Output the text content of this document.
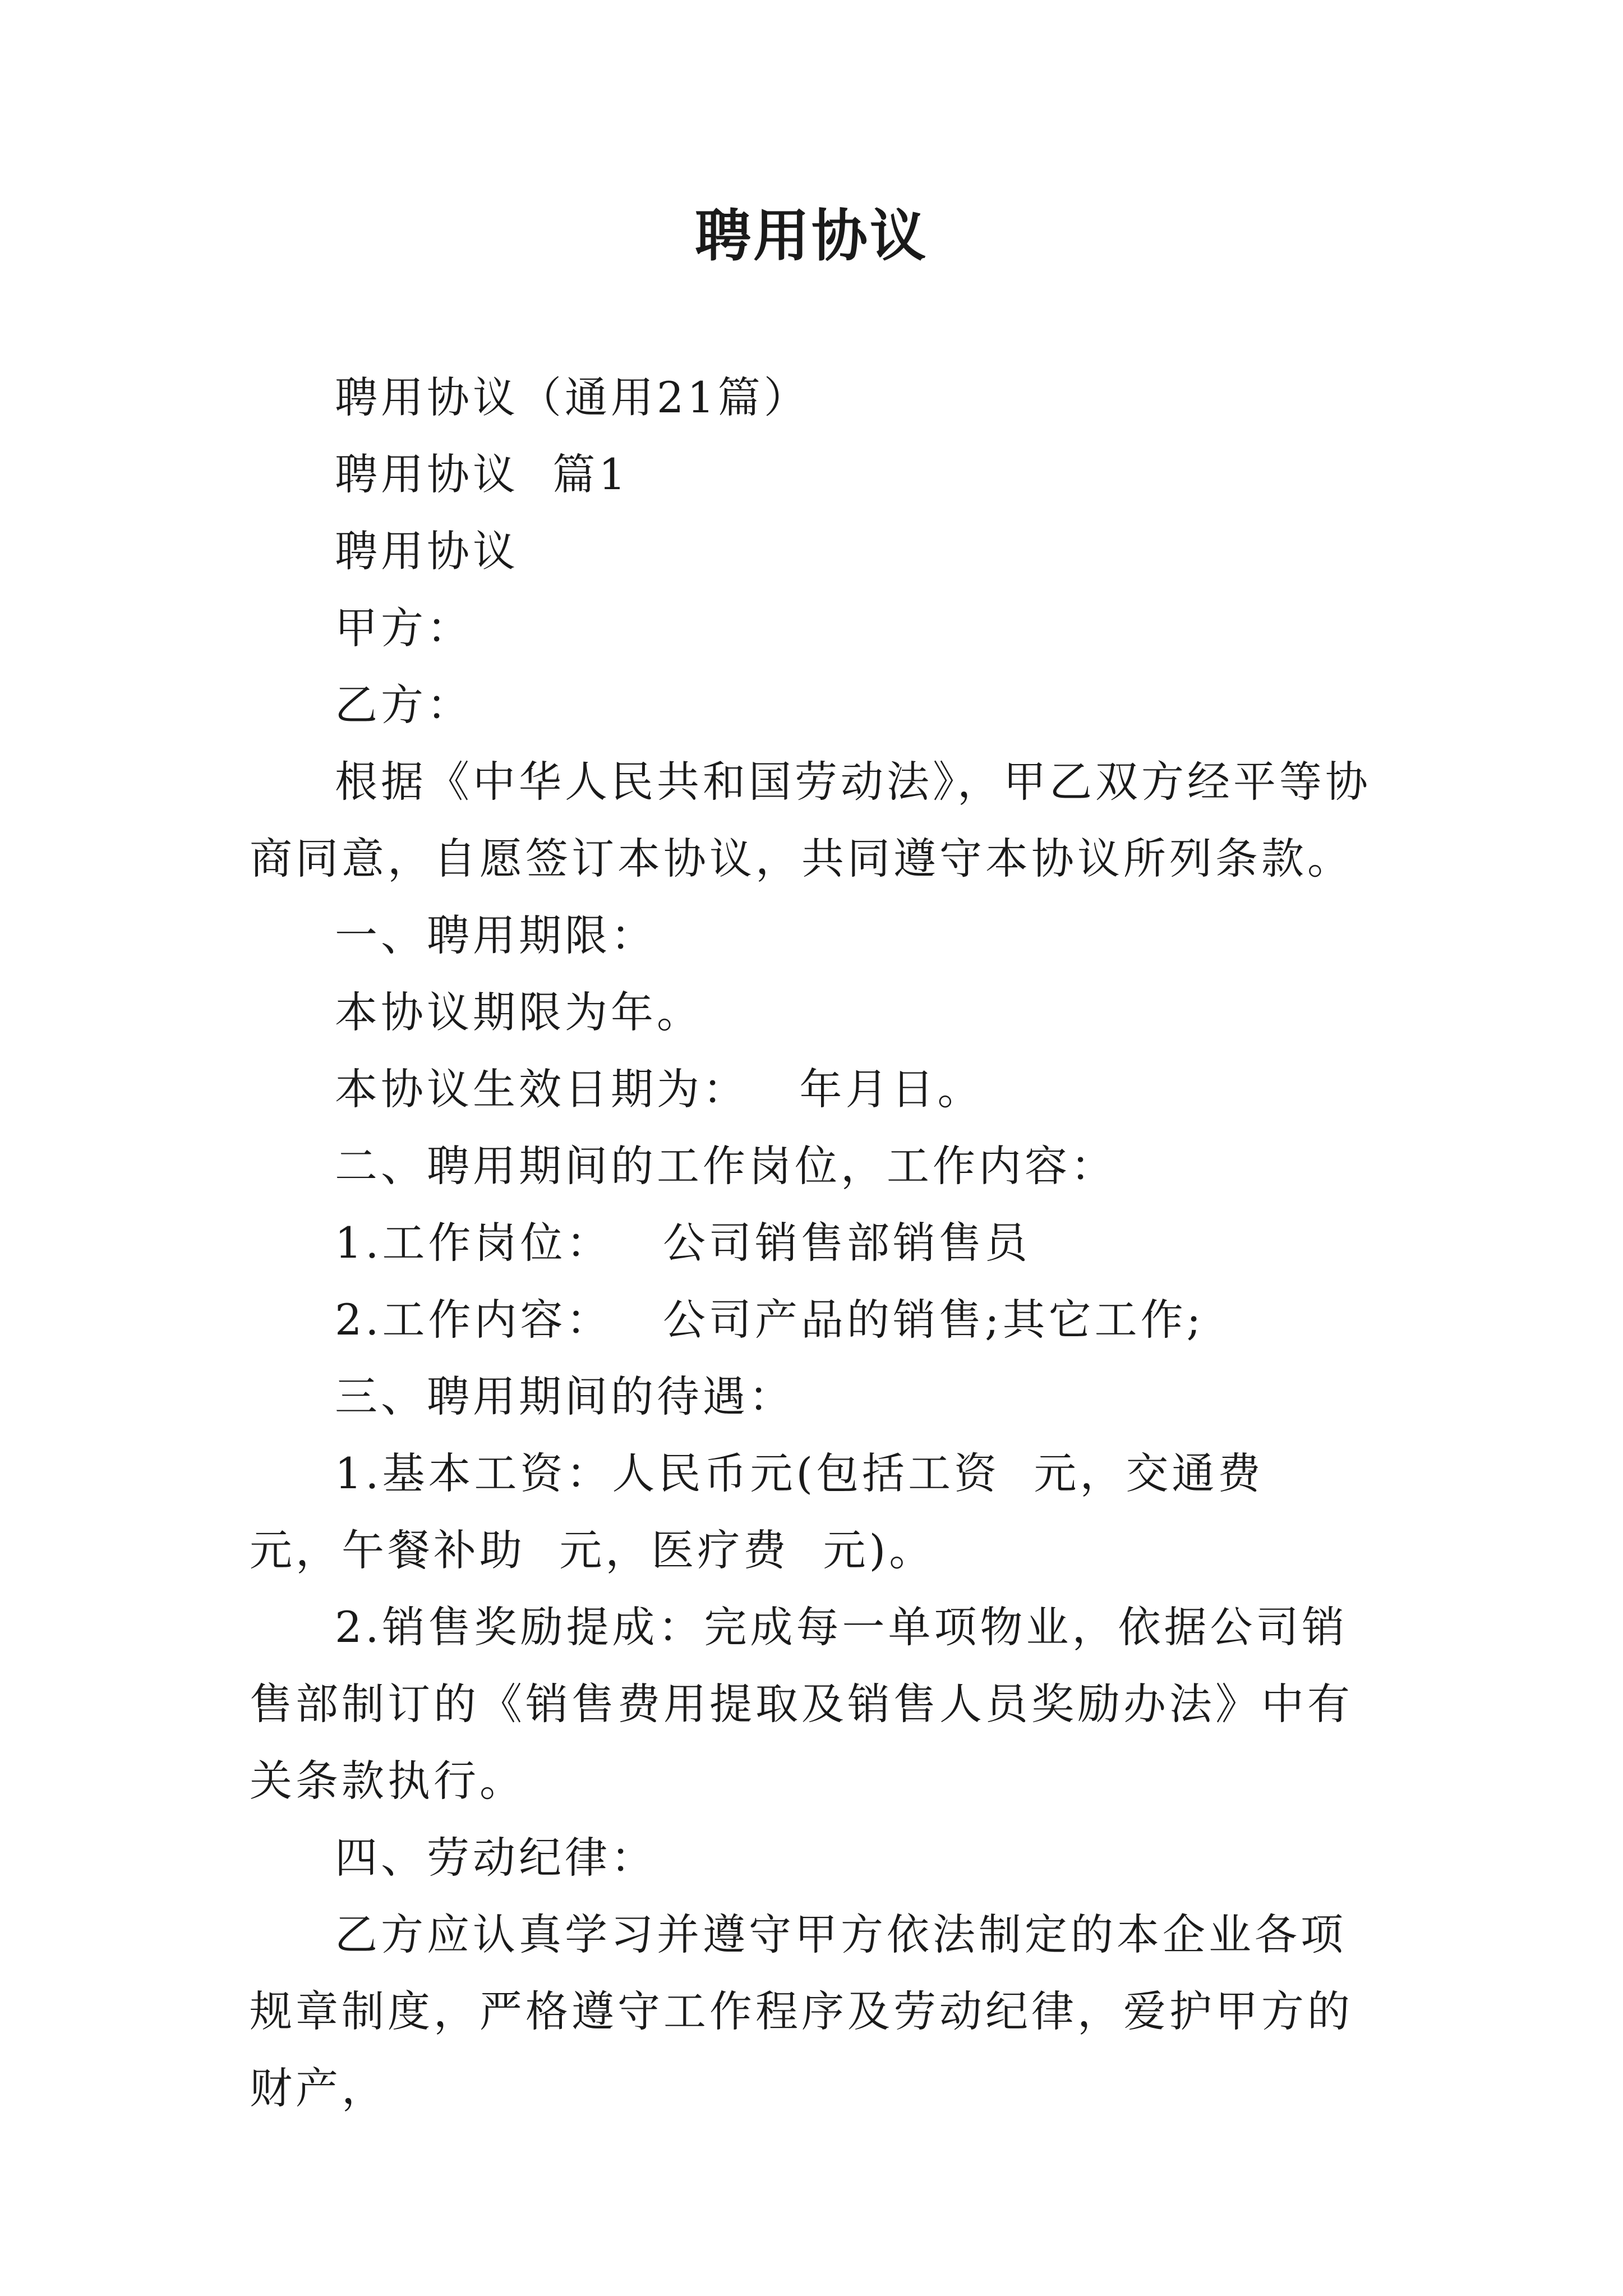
聘用协议

聘用协议（通用21篇）

聘用协议  篇1

聘用协议

甲方：

乙方：

根据《中华人民共和国劳动法》，甲乙双方经平等协商同意，自愿签订本协议，共同遵守本协议所列条款。

一、聘用期限：

本协议期限为年。

本协议生效日期为：   年月日。

二、聘用期间的工作岗位，工作内容：

1.工作岗位：   公司销售部销售员

2.工作内容：   公司产品的销售;其它工作;

三、聘用期间的待遇：

1.基本工资：人民币元(包括工资  元，交通费  元，午餐补助  元，医疗费  元)。

2.销售奖励提成：完成每一单项物业，依据公司销售部制订的《销售费用提取及销售人员奖励办法》中有关条款执行。

四、劳动纪律：

乙方应认真学习并遵守甲方依法制定的本企业各项规章制度，严格遵守工作程序及劳动纪律，爱护甲方的财产，
